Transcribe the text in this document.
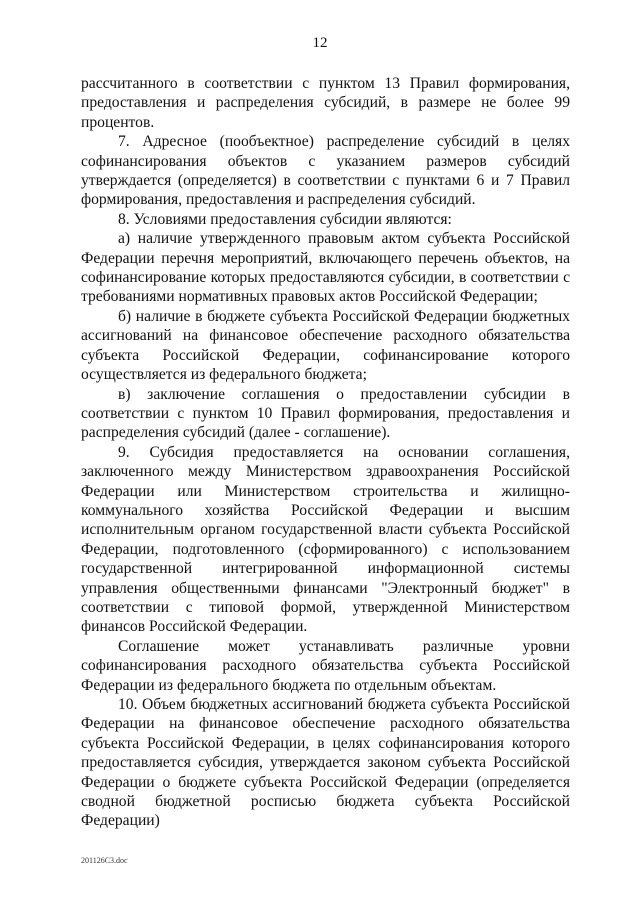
12

рассчитанного в соответствии с пунктом 13 Правил формирования, предоставления и распределения субсидий, в размере не более 99 процентов.

7. Адресное (пообъектное) распределение субсидий в целях софинансирования объектов с указанием размеров субсидий утверждается (определяется) в соответствии с пунктами 6 и 7 Правил формирования, предоставления и распределения субсидий.

8. Условиями предоставления субсидии являются:

а) наличие утвержденного правовым актом субъекта Российской Федерации перечня мероприятий, включающего перечень объектов, на софинансирование которых предоставляются субсидии, в соответствии с требованиями нормативных правовых актов Российской Федерации;

б) наличие в бюджете субъекта Российской Федерации бюджетных ассигнований на финансовое обеспечение расходного обязательства субъекта Российской Федерации, софинансирование которого осуществляется из федерального бюджета;

в) заключение соглашения о предоставлении субсидии в соответствии с пунктом 10 Правил формирования, предоставления и распределения субсидий (далее - соглашение).

9. Субсидия предоставляется на основании соглашения, заключенного между Министерством здравоохранения Российской Федерации или Министерством строительства и жилищно-коммунального хозяйства Российской Федерации и высшим исполнительным органом государственной власти субъекта Российской Федерации, подготовленного (сформированного) с использованием государственной интегрированной информационной системы управления общественными финансами "Электронный бюджет" в соответствии с типовой формой, утвержденной Министерством финансов Российской Федерации.

Соглашение может устанавливать различные уровни софинансирования расходного обязательства субъекта Российской Федерации из федерального бюджета по отдельным объектам.

10. Объем бюджетных ассигнований бюджета субъекта Российской Федерации на финансовое обеспечение расходного обязательства субъекта Российской Федерации, в целях софинансирования которого предоставляется субсидия, утверждается законом субъекта Российской Федерации о бюджете субъекта Российской Федерации (определяется сводной бюджетной росписью бюджета субъекта Российской Федерации)

201126C3.doc
